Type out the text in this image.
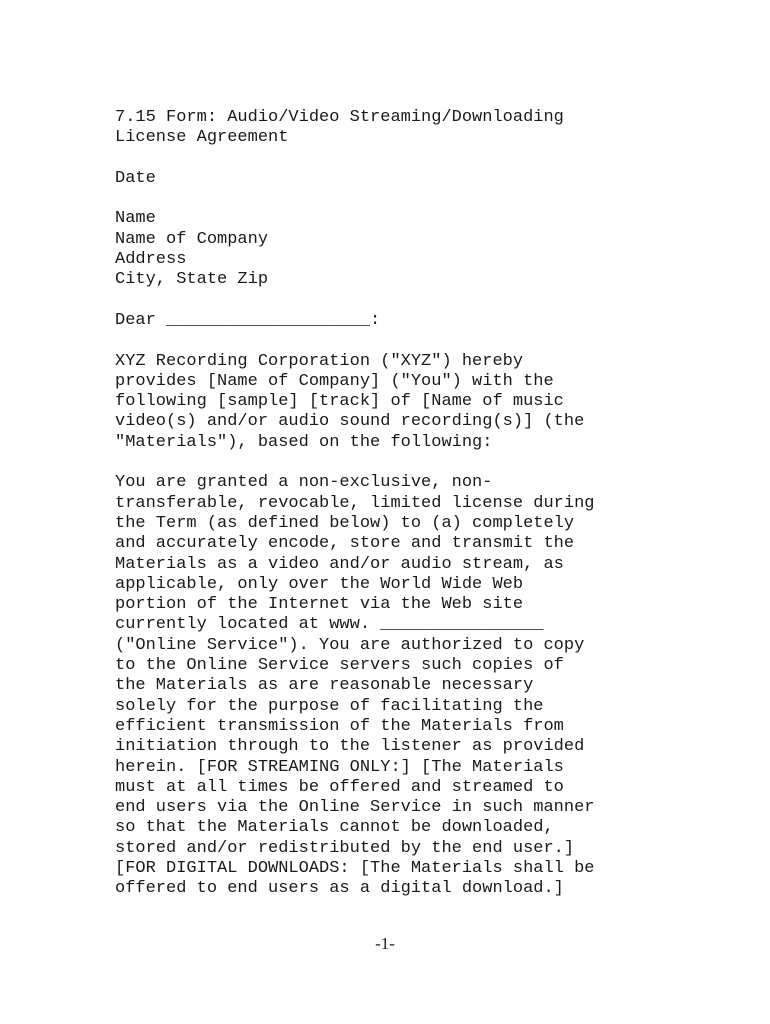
7.15 Form: Audio/Video Streaming/Downloading
License Agreement
Date
Name
Name of Company
Address
City, State Zip
Dear ____________________:
XYZ Recording Corporation ("XYZ") hereby
provides [Name of Company] ("You") with the
following [sample] [track] of [Name of music
video(s) and/or audio sound recording(s)] (the
"Materials"), based on the following:
You are granted a non-exclusive, non-
transferable, revocable, limited license during
the Term (as defined below) to (a) completely
and accurately encode, store and transmit the
Materials as a video and/or audio stream, as
applicable, only over the World Wide Web
portion of the Internet via the Web site
currently located at www. ________________
("Online Service"). You are authorized to copy
to the Online Service servers such copies of
the Materials as are reasonable necessary
solely for the purpose of facilitating the
efficient transmission of the Materials from
initiation through to the listener as provided
herein. [FOR STREAMING ONLY:] [The Materials
must at all times be offered and streamed to
end users via the Online Service in such manner
so that the Materials cannot be downloaded,
stored and/or redistributed by the end user.]
[FOR DIGITAL DOWNLOADS: [The Materials shall be
offered to end users as a digital download.]
-1-
